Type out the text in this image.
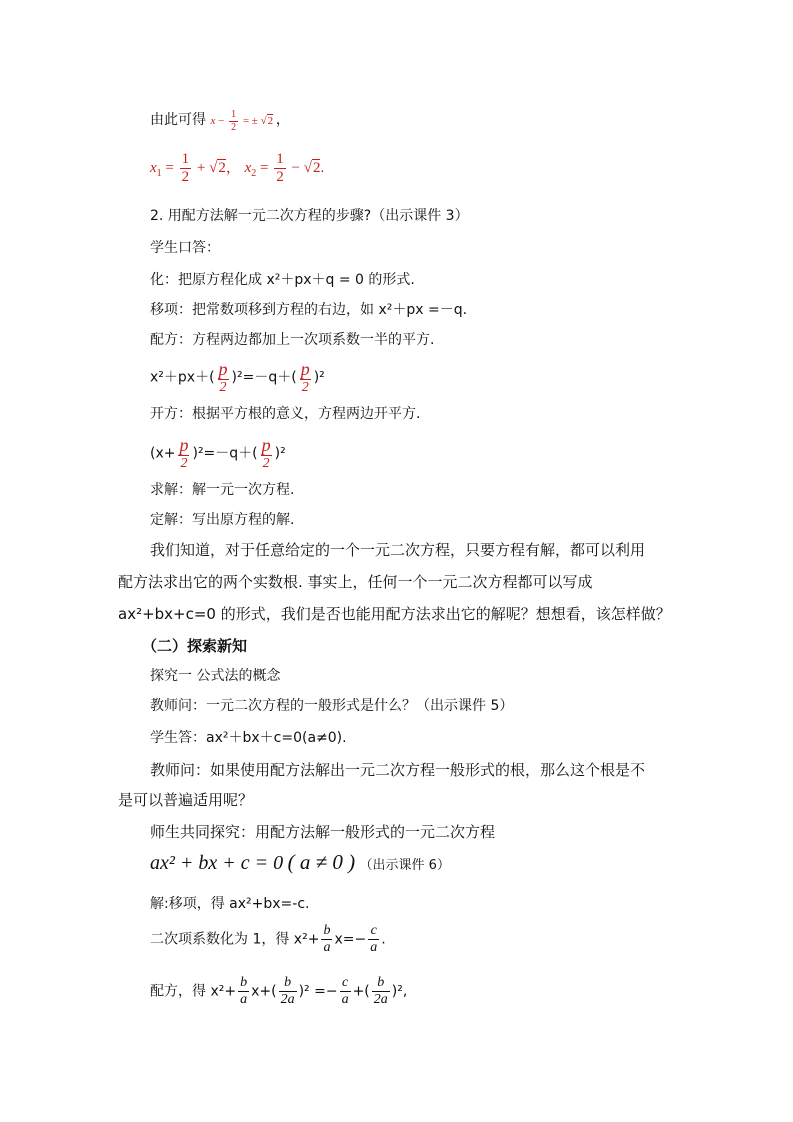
由此可得 $x - \frac{1}{2}$ = ± √2 ，
$x_1 = \frac{1}{2} + √2$， $x_2 = \frac{1}{2} - √2$.
2. 用配方法解一元二次方程的步骤?（出示课件 3）
学生口答：
化：把原方程化成 x²＋px＋q = 0 的形式.
移项：把常数项移到方程的右边，如 x²＋px =－q.
配方：方程两边都加上一次项系数一半的平方.
$x^2+px+( \frac{p}{2} )^2=-q+( \frac{p}{2} )^2$
开方：根据平方根的意义，方程两边开平方.
$(x+ \frac{p}{2} )^2=-q+( \frac{p}{2} )^2$
求解：解一元一次方程.
定解：写出原方程的解.
我们知道，对于任意给定的一个一元二次方程，只要方程有解，都可以利用
配方法求出它的两个实数根. 事实上，任何一个一元二次方程都可以写成
ax²+bx+c=0 的形式，我们是否也能用配方法求出它的解呢？想想看，该怎样做？
（二）探索新知
探究一 公式法的概念
教师问：一元二次方程的一般形式是什么？（出示课件 5）
学生答：ax²＋bx＋c=0(a≠0).
教师问：如果使用配方法解出一元二次方程一般形式的根，那么这个根是不
是可以普遍适用呢？
师生共同探究：用配方法解一般形式的一元二次方程
ax² + bx + c = 0 ( a ≠ 0 ) （出示课件 6）
解:移项，得 ax²+bx=-c.
二次项系数化为 1，得 $x^2+ \frac{b}{a} x=- \frac{c}{a}$ .
配方，得 $x^2+ \frac{b}{a} x+( \frac{b}{2a} )^2 =- \frac{c}{a}$ +( $\frac{b}{2a} )^2$,
